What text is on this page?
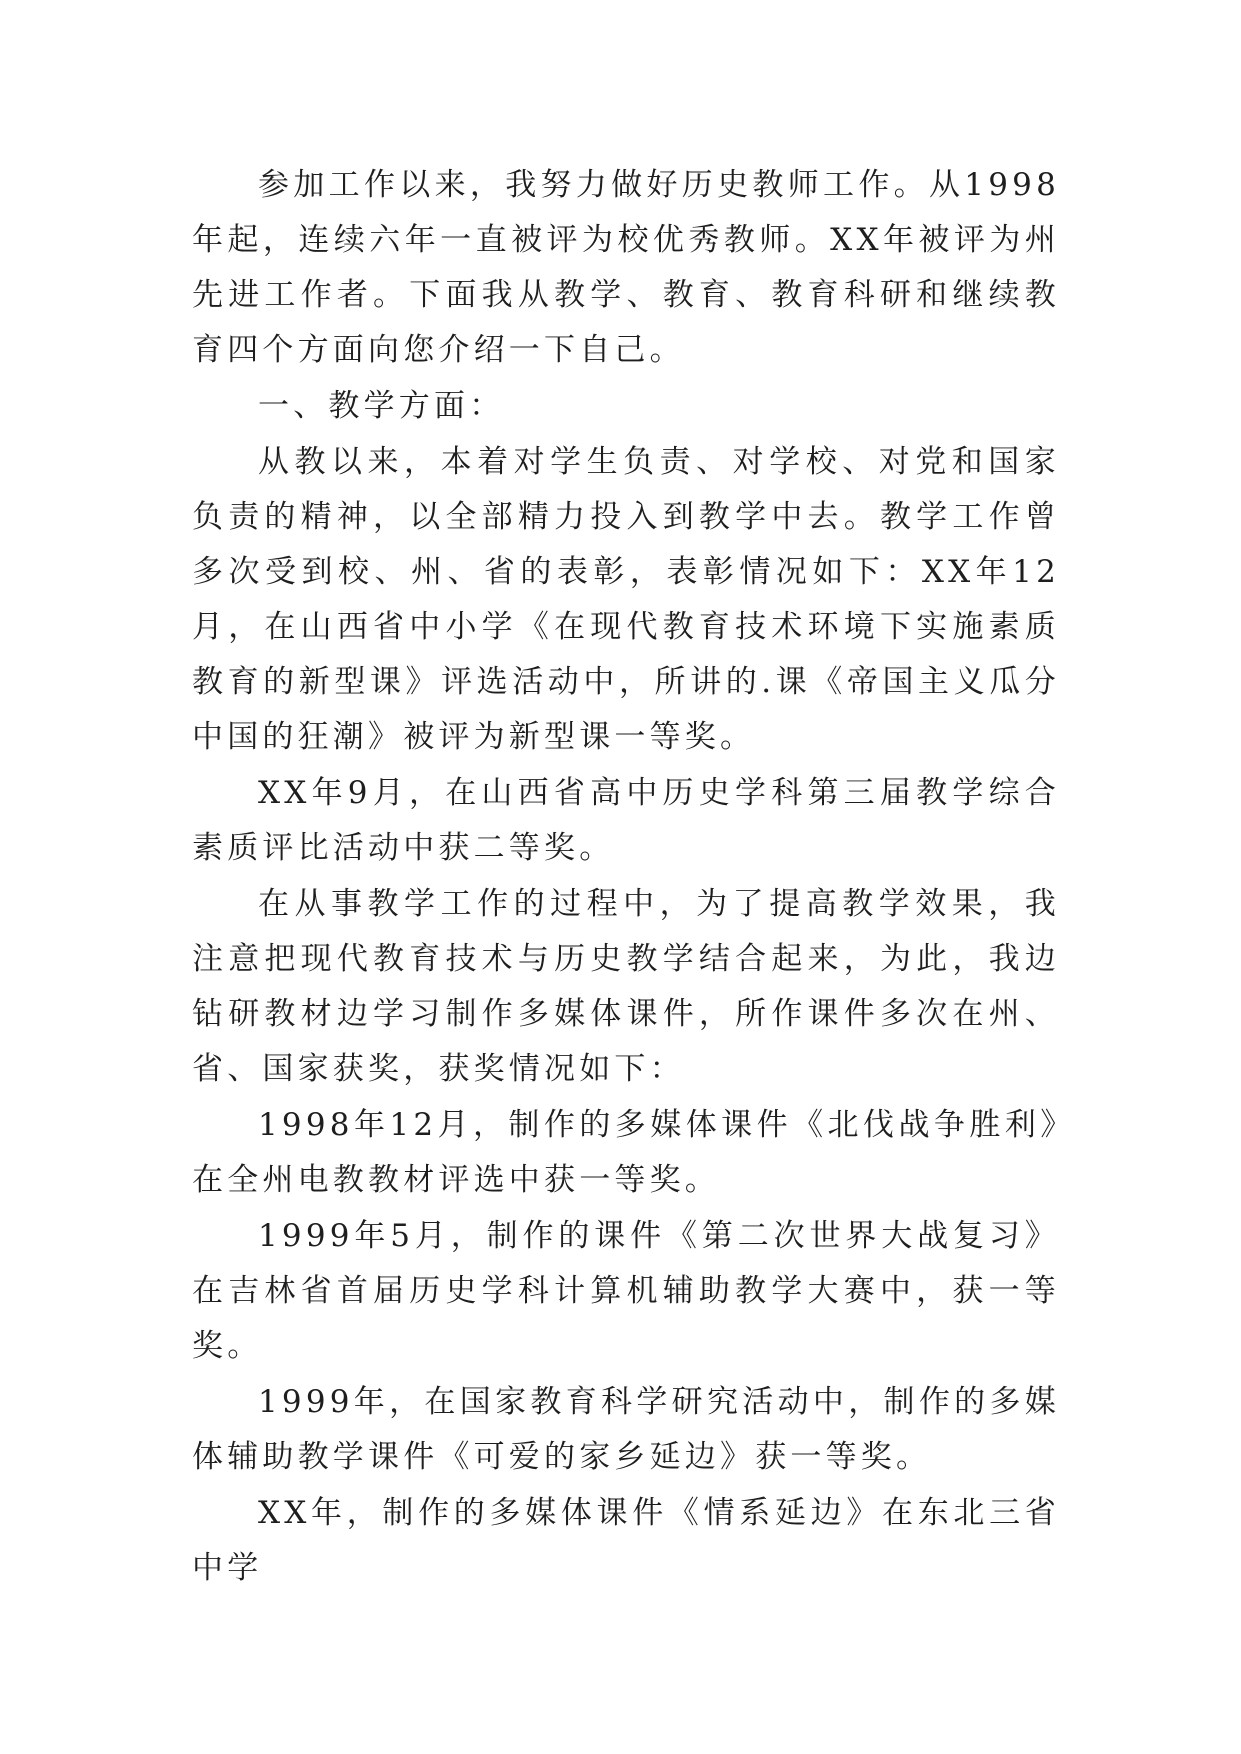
参加工作以来，我努力做好历史教师工作。从1998年起，连续六年一直被评为校优秀教师。XX年被评为州先进工作者。下面我从教学、教育、教育科研和继续教育四个方面向您介绍一下自己。

一、教学方面：

从教以来，本着对学生负责、对学校、对党和国家负责的精神，以全部精力投入到教学中去。教学工作曾多次受到校、州、省的表彰，表彰情况如下：XX年12月，在山西省中小学《在现代教育技术环境下实施素质教育的新型课》评选活动中，所讲的.课《帝国主义瓜分中国的狂潮》被评为新型课一等奖。

XX年9月，在山西省高中历史学科第三届教学综合素质评比活动中获二等奖。

在从事教学工作的过程中，为了提高教学效果，我注意把现代教育技术与历史教学结合起来，为此，我边钻研教材边学习制作多媒体课件，所作课件多次在州、省、国家获奖，获奖情况如下：

1998年12月，制作的多媒体课件《北伐战争胜利》在全州电教教材评选中获一等奖。

1999年5月，制作的课件《第二次世界大战复习》在吉林省首届历史学科计算机辅助教学大赛中，获一等奖。

1999年，在国家教育科学研究活动中，制作的多媒体辅助教学课件《可爱的家乡延边》获一等奖。

XX年，制作的多媒体课件《情系延边》在东北三省中学
